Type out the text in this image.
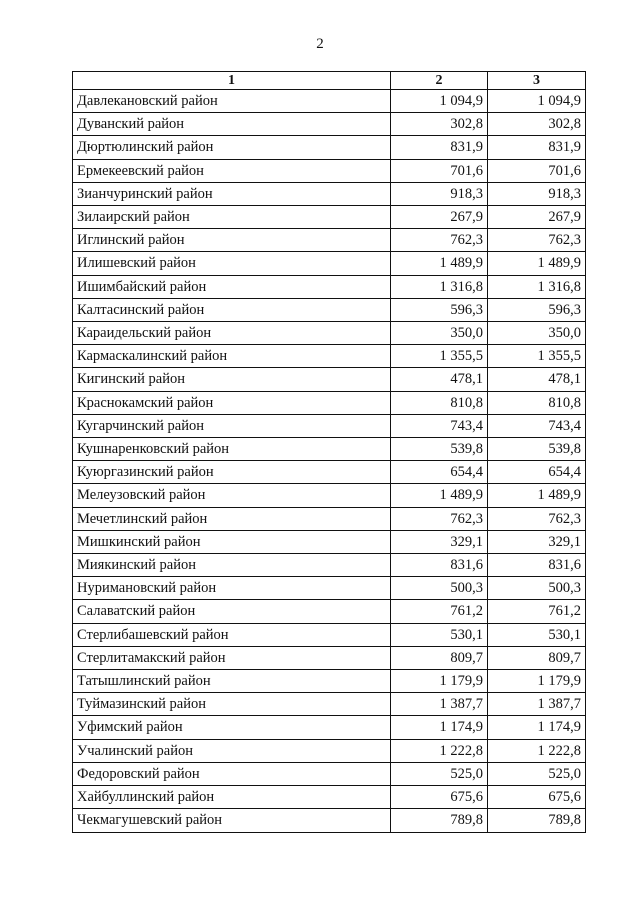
2
1	2	3
Давлекановский район	1 094,9	1 094,9
Дуванский район	302,8	302,8
Дюртюлинский район	831,9	831,9
Ермекеевский район	701,6	701,6
Зианчуринский район	918,3	918,3
Зилаирский район	267,9	267,9
Иглинский район	762,3	762,3
Илишевский район	1 489,9	1 489,9
Ишимбайский район	1 316,8	1 316,8
Калтасинский район	596,3	596,3
Караидельский район	350,0	350,0
Кармаскалинский район	1 355,5	1 355,5
Кигинский район	478,1	478,1
Краснокамский район	810,8	810,8
Кугарчинский район	743,4	743,4
Кушнаренковский район	539,8	539,8
Куюргазинский район	654,4	654,4
Мелеузовский район	1 489,9	1 489,9
Мечетлинский район	762,3	762,3
Мишкинский район	329,1	329,1
Миякинский район	831,6	831,6
Нуримановский район	500,3	500,3
Салаватский район	761,2	761,2
Стерлибашевский район	530,1	530,1
Стерлитамакский район	809,7	809,7
Татышлинский район	1 179,9	1 179,9
Туймазинский район	1 387,7	1 387,7
Уфимский район	1 174,9	1 174,9
Учалинский район	1 222,8	1 222,8
Федоровский район	525,0	525,0
Хайбуллинский район	675,6	675,6
Чекмагушевский район	789,8	789,8
